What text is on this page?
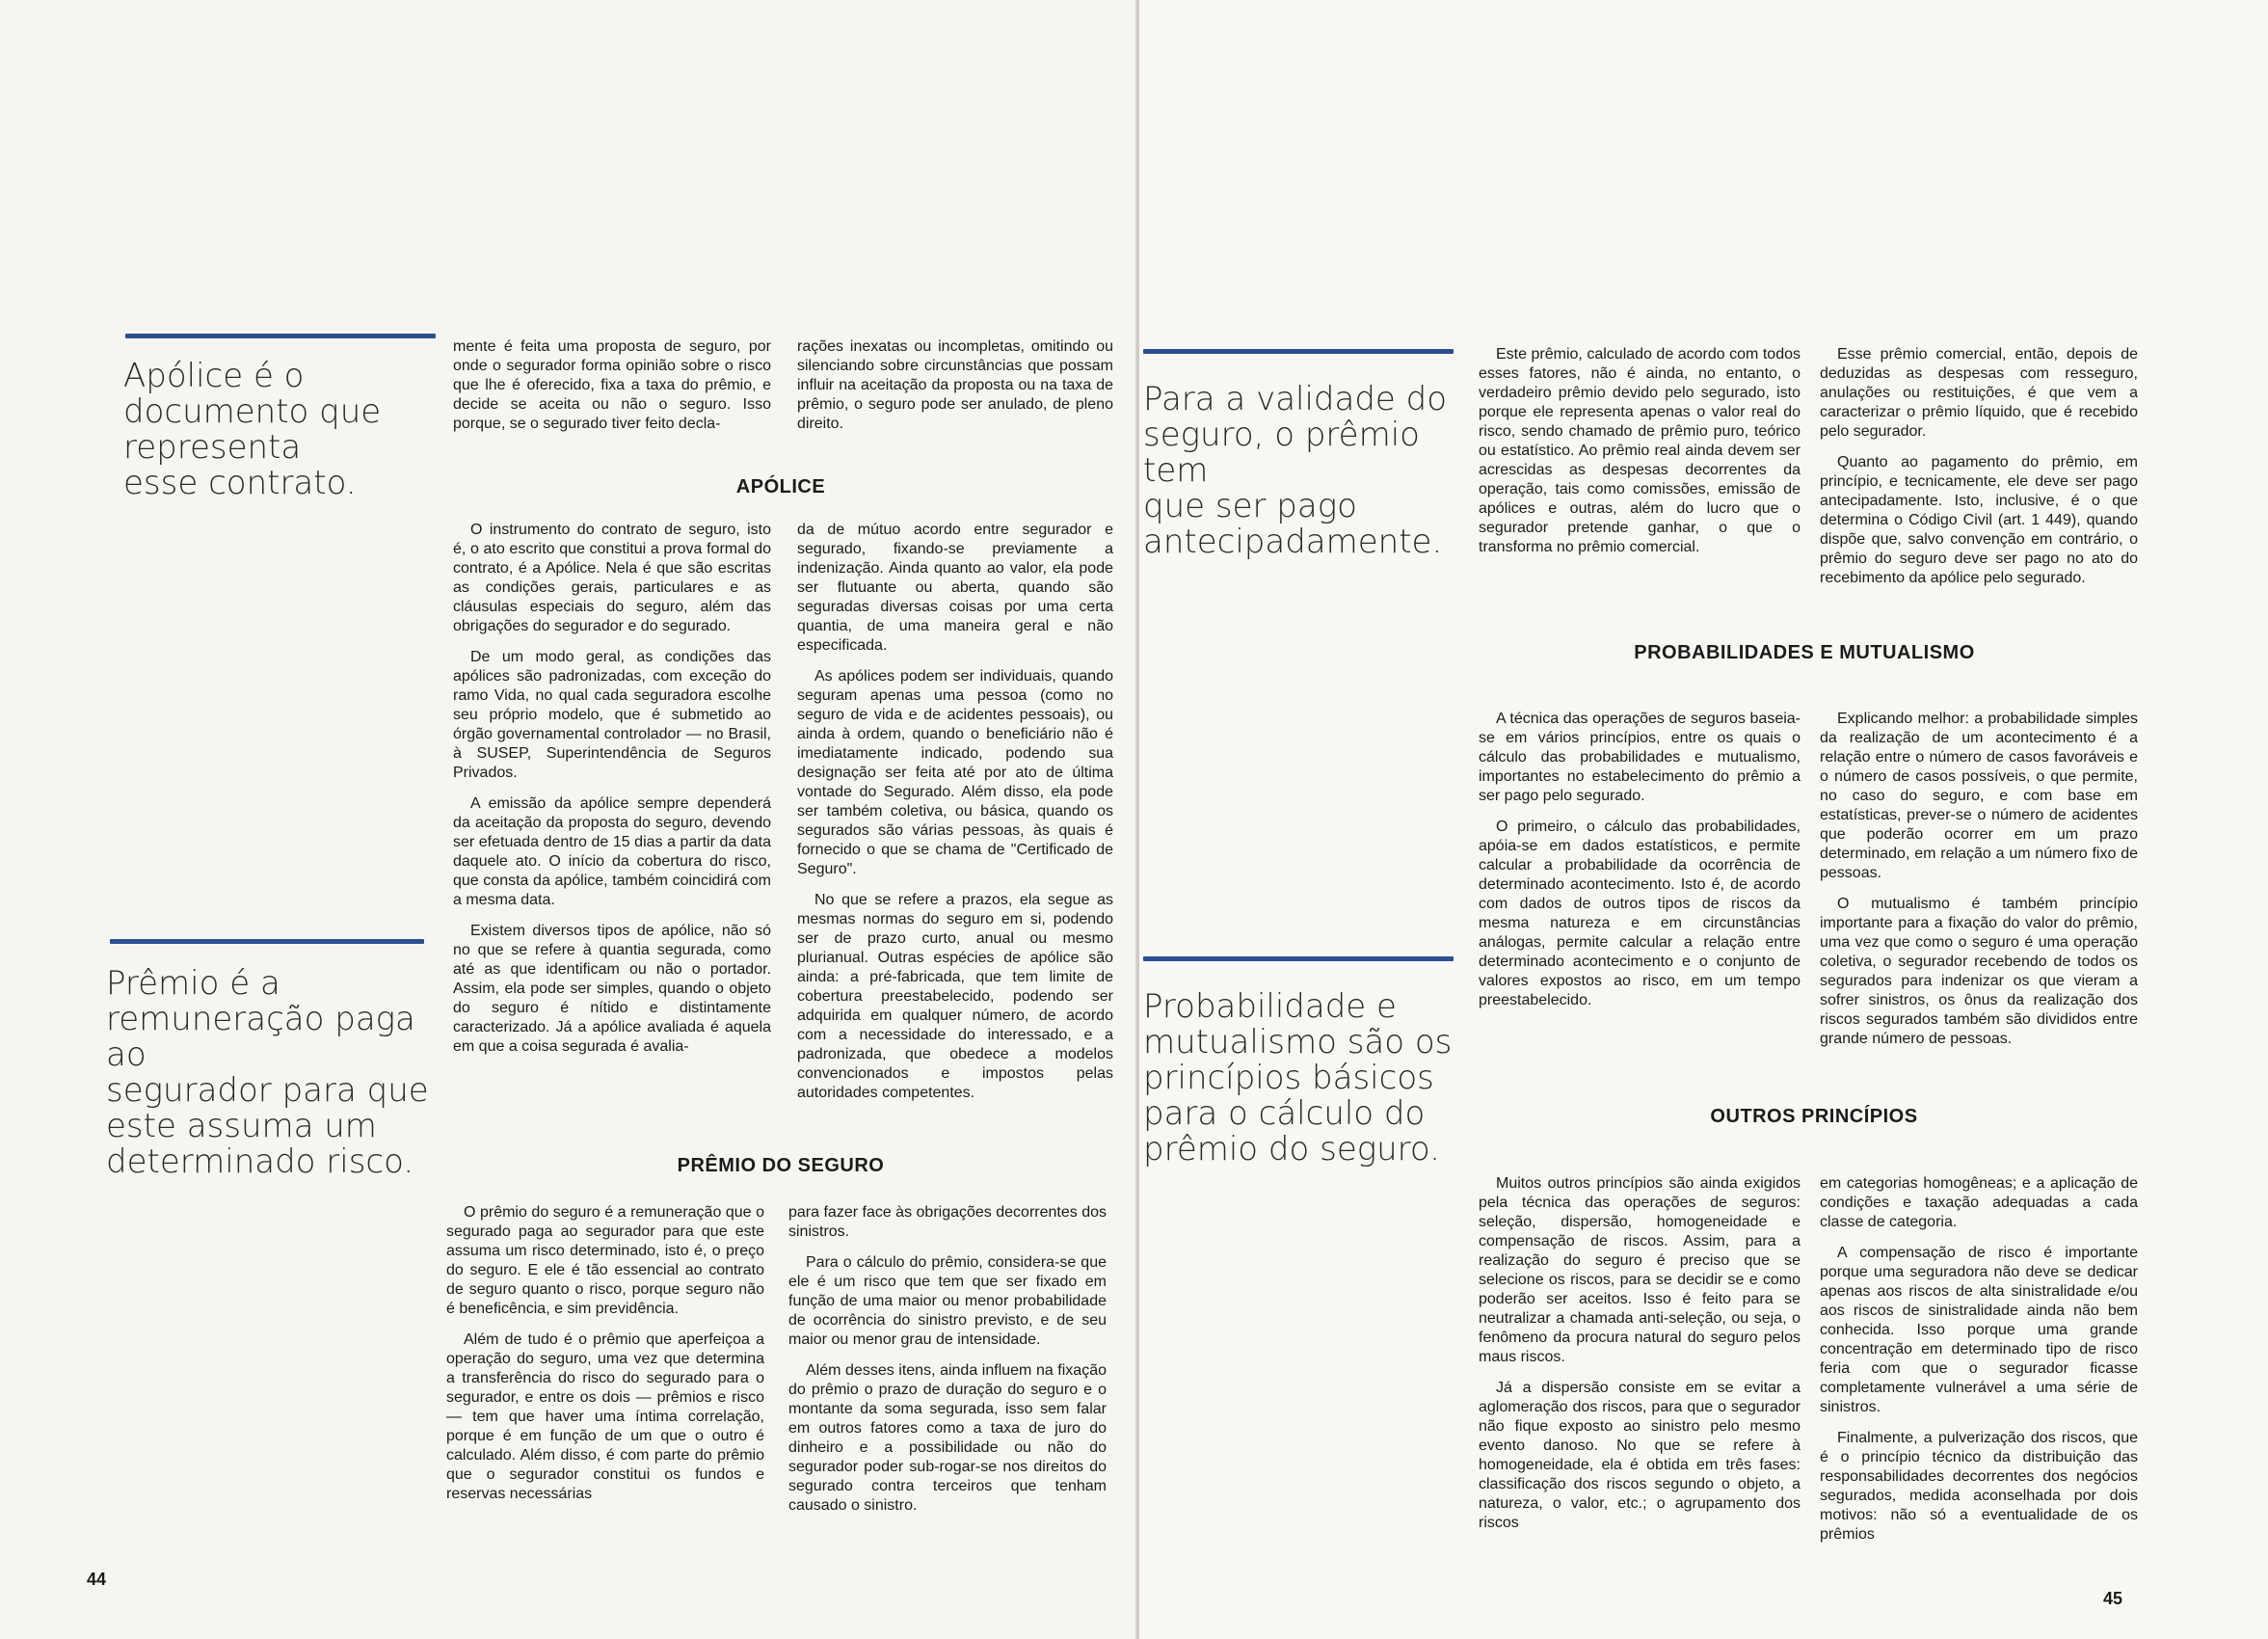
Apólice é o
documento que
representa
esse contrato.
Prêmio é a
remuneração paga ao
segurador para que
este assuma um
determinado risco.

mente é feita uma proposta de seguro, por onde o segurador forma opinião sobre o risco que lhe é oferecido, fixa a taxa do prêmio, e decide se aceita ou não o seguro. Isso porque, se o segurado tiver feito decla-

rações inexatas ou incompletas, omitindo ou silenciando sobre circunstâncias que possam influir na aceitação da proposta ou na taxa de prêmio, o seguro pode ser anulado, de pleno direito.

APÓLICE

O instrumento do contrato de seguro, isto é, o ato escrito que constitui a prova formal do contrato, é a Apólice. Nela é que são escritas as condições gerais, particulares e as cláusulas especiais do seguro, além das obrigações do segurador e do segurado.

De um modo geral, as condições das apólices são padronizadas, com exceção do ramo Vida, no qual cada seguradora escolhe seu próprio modelo, que é submetido ao órgão governamental controlador — no Brasil, à SUSEP, Superintendência de Seguros Privados.

A emissão da apólice sempre dependerá da aceitação da proposta do seguro, devendo ser efetuada dentro de 15 dias a partir da data daquele ato. O início da cobertura do risco, que consta da apólice, também coincidirá com a mesma data.

Existem diversos tipos de apólice, não só no que se refere à quantia segurada, como até as que identificam ou não o portador. Assim, ela pode ser simples, quando o objeto do seguro é nítido e distintamente caracterizado. Já a apólice avaliada é aquela em que a coisa segurada é avalia-

da de mútuo acordo entre segurador e segurado, fixando-se previamente a indenização. Ainda quanto ao valor, ela pode ser flutuante ou aberta, quando são seguradas diversas coisas por uma certa quantia, de uma maneira geral e não especificada.

As apólices podem ser individuais, quando seguram apenas uma pessoa (como no seguro de vida e de acidentes pessoais), ou ainda à ordem, quando o beneficiário não é imediatamente indicado, podendo sua designação ser feita até por ato de última vontade do Segurado. Além disso, ela pode ser também coletiva, ou básica, quando os segurados são várias pessoas, às quais é fornecido o que se chama de "Certificado de Seguro".

No que se refere a prazos, ela segue as mesmas normas do seguro em si, podendo ser de prazo curto, anual ou mesmo plurianual. Outras espécies de apólice são ainda: a pré-fabricada, que tem limite de cobertura preestabelecido, podendo ser adquirida em qualquer número, de acordo com a necessidade do interessado, e a padronizada, que obedece a modelos convencionados e impostos pelas autoridades competentes.

PRÊMIO DO SEGURO

O prêmio do seguro é a remuneração que o segurado paga ao segurador para que este assuma um risco determinado, isto é, o preço do seguro. E ele é tão essencial ao contrato de seguro quanto o risco, porque seguro não é beneficência, e sim previdência.

Além de tudo é o prêmio que aperfeiçoa a operação do seguro, uma vez que determina a transferência do risco do segurado para o segurador, e entre os dois — prêmios e risco — tem que haver uma íntima correlação, porque é em função de um que o outro é calculado. Além disso, é com parte do prêmio que o segurador constitui os fundos e reservas necessárias

para fazer face às obrigações decorrentes dos sinistros.

Para o cálculo do prêmio, considera-se que ele é um risco que tem que ser fixado em função de uma maior ou menor probabilidade de ocorrência do sinistro previsto, e de seu maior ou menor grau de intensidade.

Além desses itens, ainda influem na fixação do prêmio o prazo de duração do seguro e o montante da soma segurada, isso sem falar em outros fatores como a taxa de juro do dinheiro e a possibilidade ou não do segurador poder sub-rogar-se nos direitos do segurado contra terceiros que tenham causado o sinistro.

44
Para a validade do
seguro, o prêmio tem
que ser pago
antecipadamente.
Probabilidade e
mutualismo são os
princípios básicos
para o cálculo do
prêmio do seguro.

Este prêmio, calculado de acordo com todos esses fatores, não é ainda, no entanto, o verdadeiro prêmio devido pelo segurado, isto porque ele representa apenas o valor real do risco, sendo chamado de prêmio puro, teórico ou estatístico. Ao prêmio real ainda devem ser acrescidas as despesas decorrentes da operação, tais como comissões, emissão de apólices e outras, além do lucro que o segurador pretende ganhar, o que o transforma no prêmio comercial.

Esse prêmio comercial, então, depois de deduzidas as despesas com resseguro, anulações ou restituições, é que vem a caracterizar o prêmio líquido, que é recebido pelo segurador.

Quanto ao pagamento do prêmio, em princípio, e tecnicamente, ele deve ser pago antecipadamente. Isto, inclusive, é o que determina o Código Civil (art. 1 449), quando dispõe que, salvo convenção em contrário, o prêmio do seguro deve ser pago no ato do recebimento da apólice pelo segurado.

PROBABILIDADES E MUTUALISMO

A técnica das operações de seguros baseia-se em vários princípios, entre os quais o cálculo das probabilidades e mutualismo, importantes no estabelecimento do prêmio a ser pago pelo segurado.

O primeiro, o cálculo das probabilidades, apóia-se em dados estatísticos, e permite calcular a probabilidade da ocorrência de determinado acontecimento. Isto é, de acordo com dados de outros tipos de riscos da mesma natureza e em circunstâncias análogas, permite calcular a relação entre determinado acontecimento e o conjunto de valores expostos ao risco, em um tempo preestabelecido.

Explicando melhor: a probabilidade simples da realização de um acontecimento é a relação entre o número de casos favoráveis e o número de casos possíveis, o que permite, no caso do seguro, e com base em estatísticas, prever-se o número de acidentes que poderão ocorrer em um prazo determinado, em relação a um número fixo de pessoas.

O mutualismo é também princípio importante para a fixação do valor do prêmio, uma vez que como o seguro é uma operação coletiva, o segurador recebendo de todos os segurados para indenizar os que vieram a sofrer sinistros, os ônus da realização dos riscos segurados também são divididos entre grande número de pessoas.

OUTROS PRINCÍPIOS

Muitos outros princípios são ainda exigidos pela técnica das operações de seguros: seleção, dispersão, homogeneidade e compensação de riscos. Assim, para a realização do seguro é preciso que se selecione os riscos, para se decidir se e como poderão ser aceitos. Isso é feito para se neutralizar a chamada anti-seleção, ou seja, o fenômeno da procura natural do seguro pelos maus riscos.

Já a dispersão consiste em se evitar a aglomeração dos riscos, para que o segurador não fique exposto ao sinistro pelo mesmo evento danoso. No que se refere à homogeneidade, ela é obtida em três fases: classificação dos riscos segundo o objeto, a natureza, o valor, etc.; o agrupamento dos riscos

em categorias homogêneas; e a aplicação de condições e taxação adequadas a cada classe de categoria.

A compensação de risco é importante porque uma seguradora não deve se dedicar apenas aos riscos de alta sinistralidade e/ou aos riscos de sinistralidade ainda não bem conhecida. Isso porque uma grande concentração em determinado tipo de risco feria com que o segurador ficasse completamente vulnerável a uma série de sinistros.

Finalmente, a pulverização dos riscos, que é o princípio técnico da distribuição das responsabilidades decorrentes dos negócios segurados, medida aconselhada por dois motivos: não só a eventualidade de os prêmios

45
